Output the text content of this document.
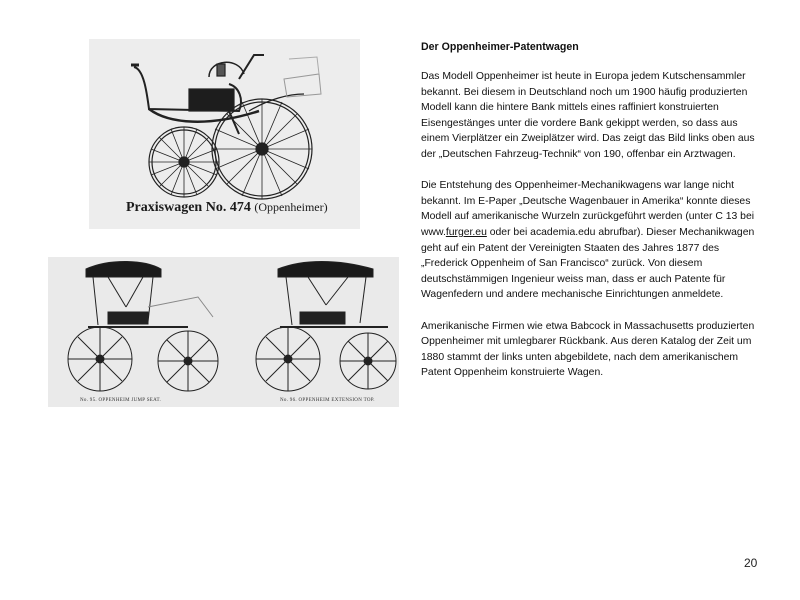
Praxiswagen No. 474 (Oppenheimer)
No. 95. OPPENHEIM JUMP SEAT.	No. 96. OPPENHEIM EXTENSION TOP.
Der Oppenheimer-Patentwagen

Das Modell Oppenheimer ist heute in Europa jedem Kutschensammler bekannt. Bei diesem in Deutschland noch um 1900 häufig produzierten Modell kann die hintere Bank mittels eines raffiniert konstruierten Eisengestänges unter die vordere Bank gekippt werden, so dass aus einem Vierplätzer ein Zweiplätzer wird. Das zeigt das Bild links oben aus der „Deutschen Fahrzeug-Technik“ von 190, offenbar ein Arztwagen.

Die Entstehung des Oppenheimer-Mechanikwagens war lange nicht bekannt. Im E-Paper „Deutsche Wagenbauer in Amerika“ konnte dieses Modell auf amerikanische Wurzeln zurückgeführt werden (unter C 13 bei www.furger.eu oder bei academia.edu abrufbar). Dieser Mechanikwagen geht auf ein Patent der Vereinigten Staaten des Jahres 1877 des „Frederick Oppenheim of San Francisco“ zurück. Von diesem deutschstämmigen Ingenieur weiss man, dass er auch Patente für Wagenfedern und andere mechanische Einrichtungen anmeldete.

Amerikanische Firmen wie etwa Babcock in Massachusetts produzierten Oppenheimer mit umlegbarer Rückbank. Aus deren Katalog der Zeit um 1880 stammt der links unten abgebildete, nach dem amerikanischem Patent Oppenheim konstruierte Wagen.

20
